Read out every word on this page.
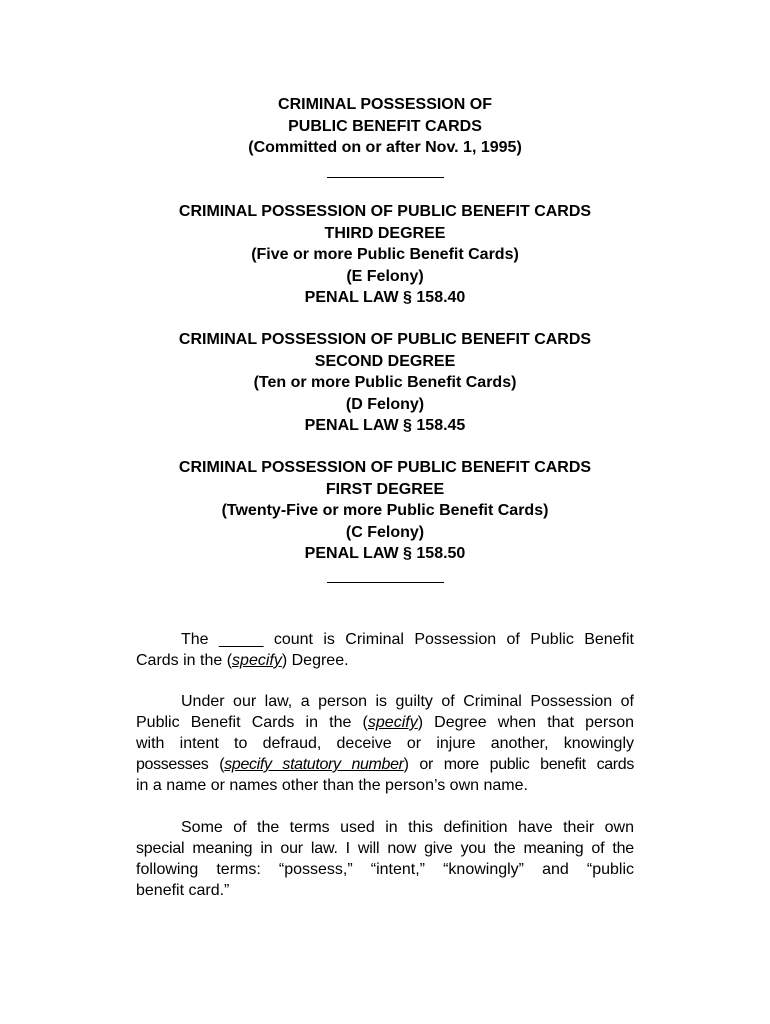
CRIMINAL POSSESSION OF
PUBLIC BENEFIT CARDS
(Committed on or after Nov. 1, 1995)
CRIMINAL POSSESSION OF PUBLIC BENEFIT CARDS
THIRD DEGREE
(Five or more Public Benefit Cards)
(E Felony)
PENAL LAW § 158.40
CRIMINAL POSSESSION OF PUBLIC BENEFIT CARDS
SECOND DEGREE
(Ten or more Public Benefit Cards)
(D Felony)
PENAL LAW § 158.45
CRIMINAL POSSESSION OF PUBLIC BENEFIT CARDS
FIRST DEGREE
(Twenty-Five or more Public Benefit Cards)
(C Felony)
PENAL LAW § 158.50
The _____ count is Criminal Possession of Public Benefit
Cards in the (specify) Degree.
Under our law, a person is guilty of Criminal Possession of
Public Benefit Cards in the (specify) Degree when that person
with intent to defraud, deceive or injure another, knowingly
possesses (specify statutory number) or more public benefit cards
in a name or names other than the person’s own name.
Some of the terms used in this definition have their own
special meaning in our law. I will now give you the meaning of the
following terms: “possess,” “intent,” “knowingly” and “public
benefit card.”
